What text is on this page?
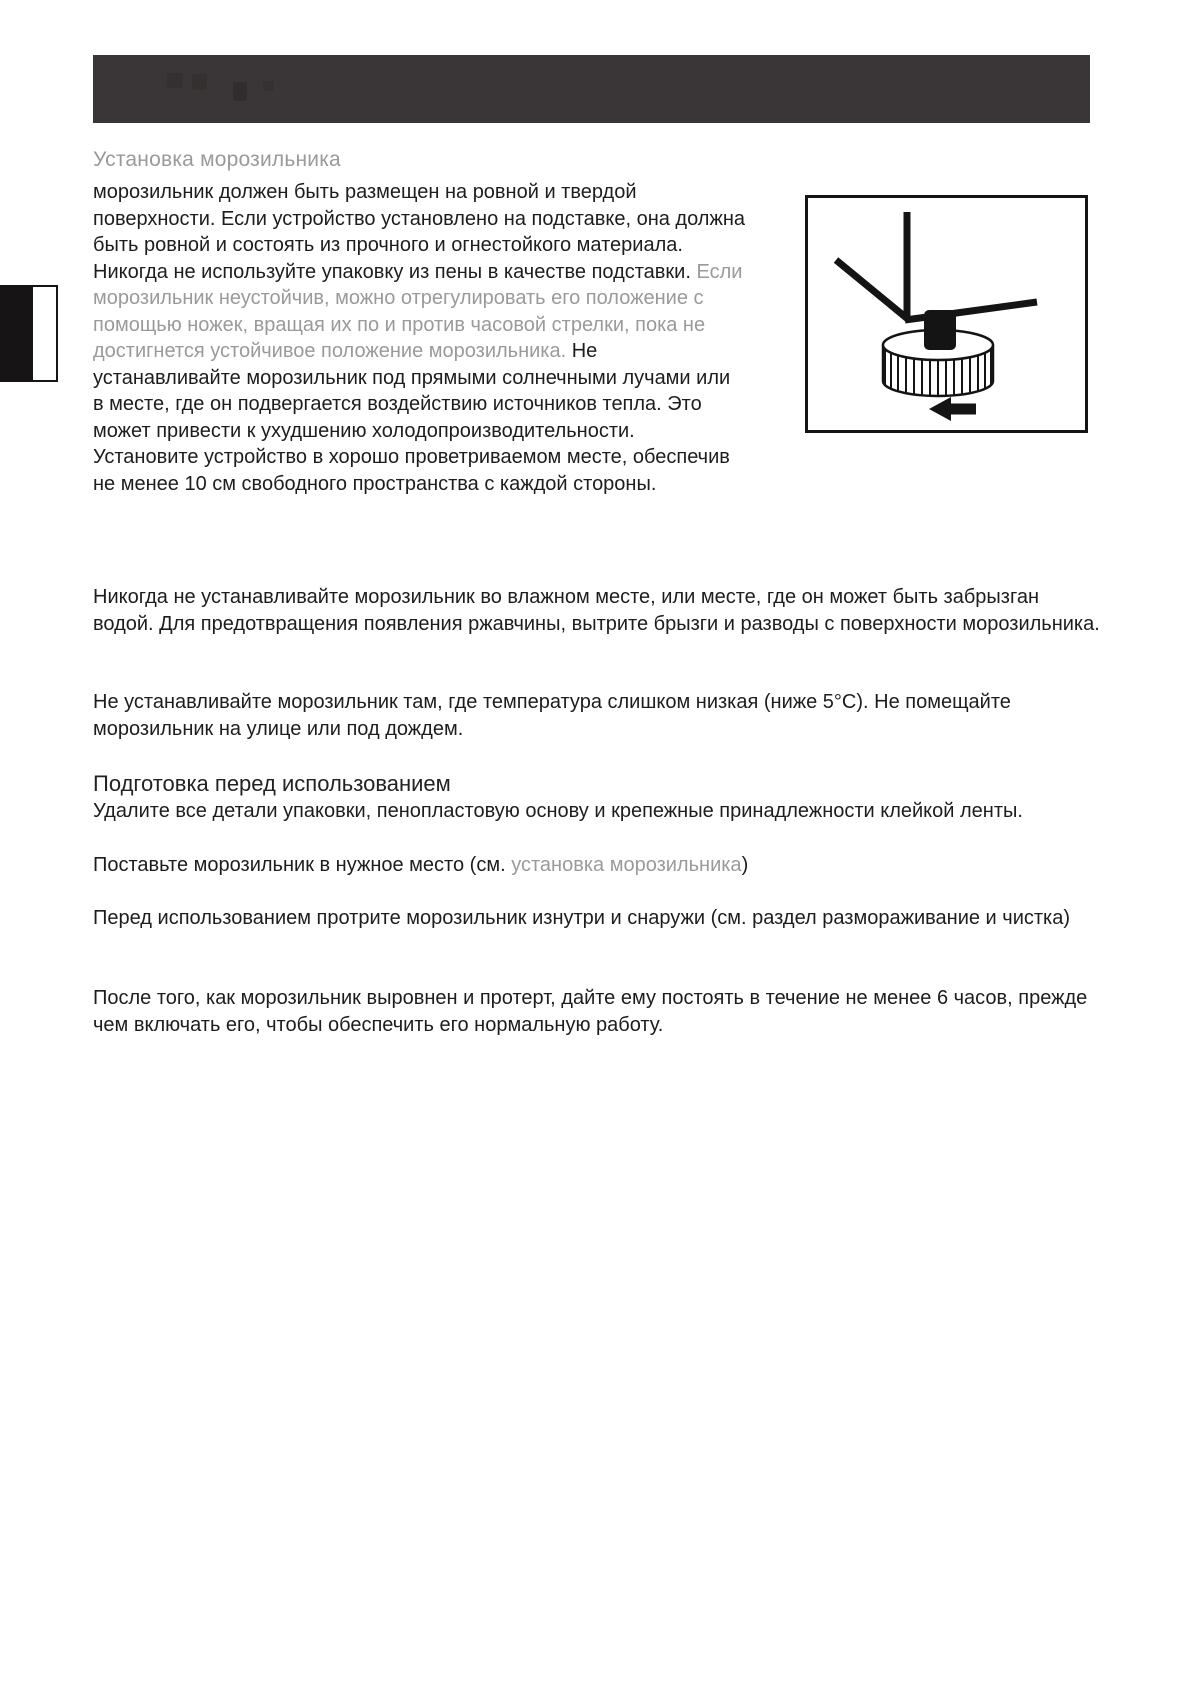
Установка морозильника

морозильник должен быть размещен на ровной и твердой поверхности. Если устройство установлено на подставке, она должна быть ровной и состоять из прочного и огнестойкого материала. Никогда не используйте упаковку из пены в качестве подставки. Если морозильник неустойчив, можно отрегулировать его положение с помощью ножек, вращая их по и против часовой стрелки, пока не достигнется устойчивое положение морозильника. Не устанавливайте морозильник под прямыми солнечными лучами или в месте, где он подвергается воздействию источников тепла. Это может привести к ухудшению холодопроизводительности. Установите устройство в хорошо проветриваемом месте, обеспечив не менее 10 см свободного пространства с каждой стороны.

Никогда не устанавливайте морозильник во влажном месте, или месте, где он может быть забрызган водой. Для предотвращения появления ржавчины, вытрите брызги и разводы с поверхности морозильника.

Не устанавливайте морозильник там, где температура слишком низкая (ниже 5°С). Не помещайте морозильник на улице или под дождем.

Подготовка перед использованием

Удалите все детали упаковки, пенопластовую основу и крепежные принадлежности клейкой ленты.

Поставьте морозильник в нужное место (см. установка морозильника)

Перед использованием протрите морозильник изнутри и снаружи (см. раздел размораживание и чистка)

После того, как морозильник выровнен и протерт, дайте ему постоять в течение не менее 6 часов, прежде чем включать его, чтобы обеспечить его нормальную работу.
